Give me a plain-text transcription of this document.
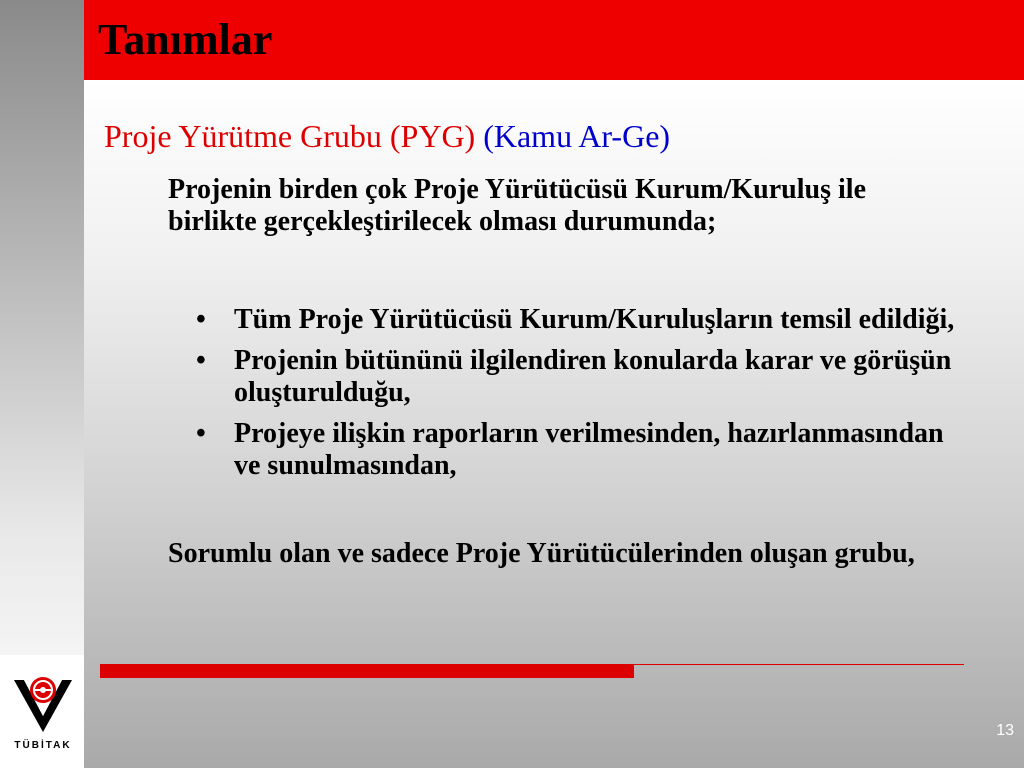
Tanımlar

Proje Yürütme Grubu (PYG) (Kamu Ar-Ge)

Projenin birden çok Proje Yürütücüsü Kurum/Kuruluş ile birlikte gerçekleştirilecek olması durumunda;

• Tüm Proje Yürütücüsü Kurum/Kuruluşların temsil edildiği,
• Projenin bütününü ilgilendiren konularda karar ve görüşün oluşturulduğu,
• Projeye ilişkin raporların verilmesinden, hazırlanmasından ve sunulmasından,

Sorumlu olan ve sadece Proje Yürütücülerinden oluşan grubu,

TÜBİTAK
13
